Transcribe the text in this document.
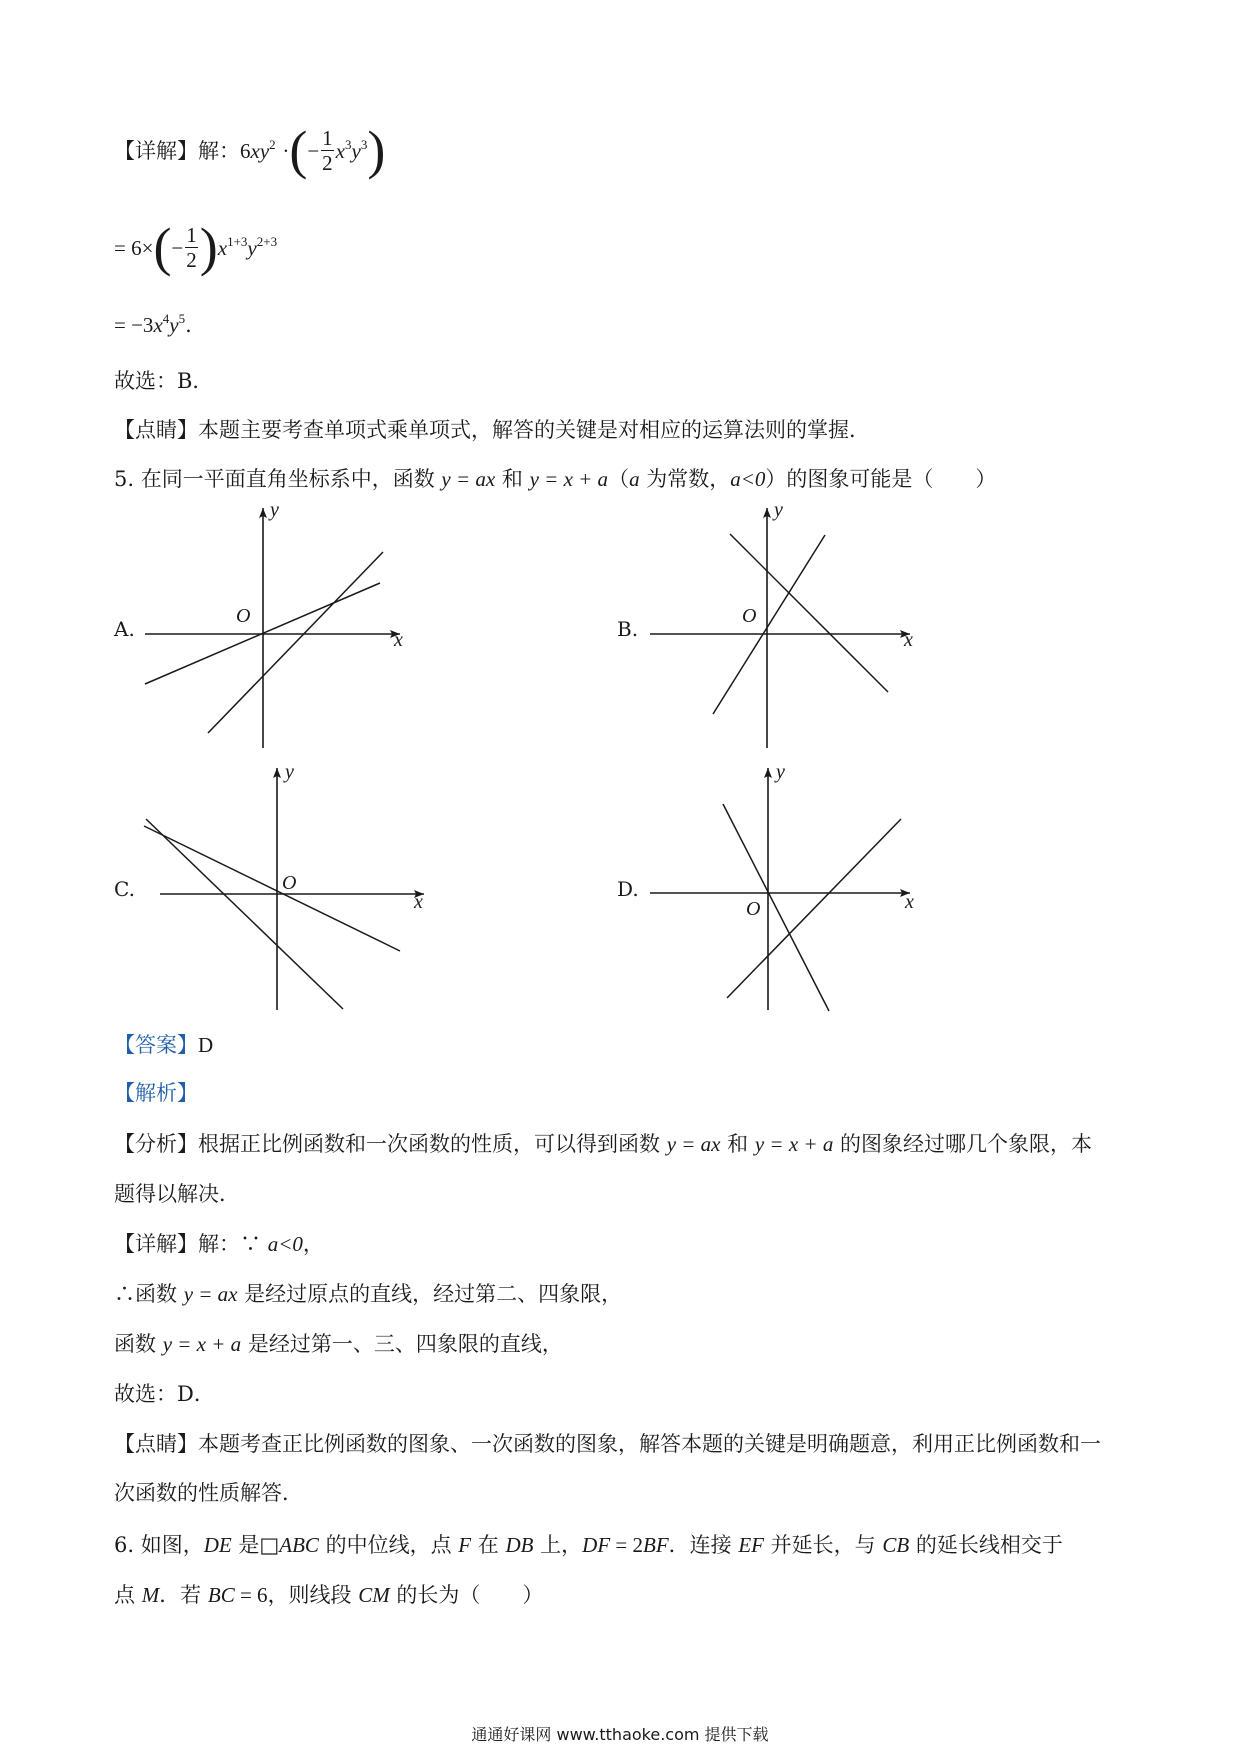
【详解】解：$6xy^2$ ·(− $\frac{1}{2} x^3y^3$)
= $6\times(- \frac{1}{2} )x^{1+3}y^{2+3}$
= $-3x^4y^5$.
故选：B．
【点睛】本题主要考查单项式乘单项式，解答的关键是对相应的运算法则的掌握．
5. 在同一平面直角坐标系中，函数 y = ax 和 y = x + a（a 为常数，a<0）的图象可能是（　　）
A.
O
x
y
B.
O
x
y
C.	O
x
y
D.
O	x
y
【答案】D
【解析】
【分析】根据正比例函数和一次函数的性质，可以得到函数 y = ax 和 y = x + a 的图象经过哪几个象限，本
题得以解决．
【详解】解：∵ a<0，
∴函数 y = ax 是经过原点的直线，经过第二、四象限，
函数 y = x + a 是经过第一、三、四象限的直线，
故选：D．
【点睛】本题考查正比例函数的图象、一次函数的图象，解答本题的关键是明确题意，利用正比例函数和一
次函数的性质解答．
6. 如图，DE 是□ABC 的中位线，点 F 在 DB 上，DF = 2BF．连接 EF 并延长，与 CB 的延长线相交于
点 M．若 BC = 6，则线段 CM 的长为（　　）
通通好课网 www.tthaoke.com 提供下载
